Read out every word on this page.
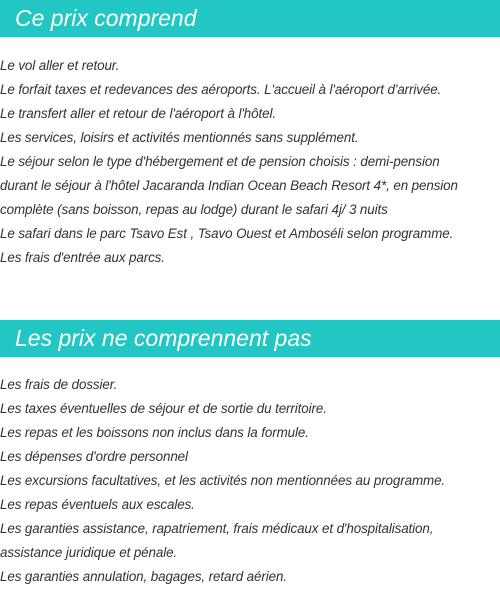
Ce prix comprend
Le vol aller et retour.
Le forfait taxes et redevances des aéroports. L'accueil à l'aéroport d'arrivée.
Le transfert aller et retour de l'aéroport à l'hôtel.
Les services, loisirs et activités mentionnés sans supplément.
Le séjour selon le type d'hébergement et de pension choisis : demi-pension
durant le séjour à l'hôtel Jacaranda Indian Ocean Beach Resort 4*, en pension
complète (sans boisson, repas au lodge) durant le safari 4j/ 3 nuits
Le safari dans le parc Tsavo Est , Tsavo Ouest et Amboséli selon programme.
Les frais d'entrée aux parcs.
Les prix ne comprennent pas
Les frais de dossier.
Les taxes éventuelles de séjour et de sortie du territoire.
Les repas et les boissons non inclus dans la formule.
Les dépenses d'ordre personnel
Les excursions facultatives, et les activités non mentionnées au programme.
Les repas éventuels aux escales.
Les garanties assistance, rapatriement, frais médicaux et d'hospitalisation,
assistance juridique et pénale.
Les garanties annulation, bagages, retard aérien.
